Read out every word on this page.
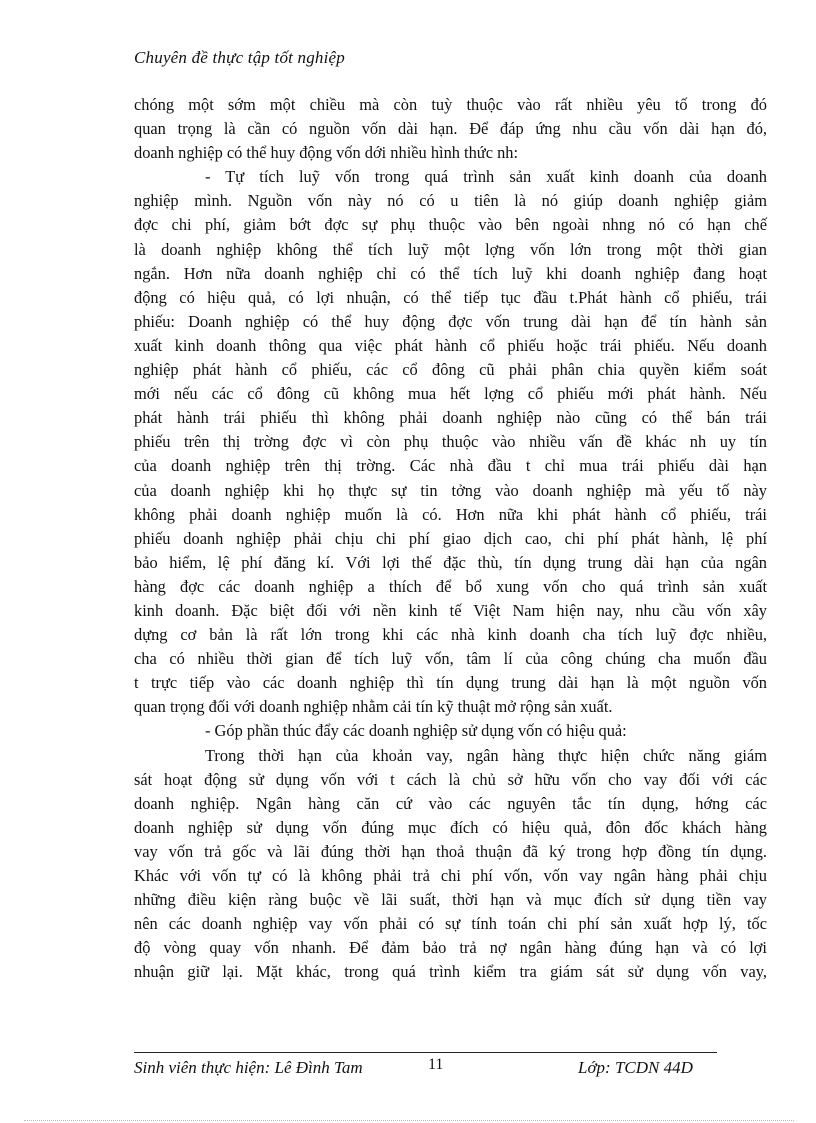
Chuyên đề thực tập tốt nghiệp
chóng một sớm một chiều mà còn tuỳ thuộc vào rất nhiều yêu tố trong đó
quan trọng là cần có nguồn vốn dài hạn. Để đáp ứng nhu cầu vốn dài hạn đó,
doanh nghiệp có thể huy động vốn dới nhiều hình thức nh:
- Tự tích luỹ vốn trong quá trình sản xuất kinh doanh của doanh
nghiệp mình. Nguồn vốn này nó có u tiên là nó giúp doanh nghiệp giảm
đợc chi phí, giảm bớt đợc sự phụ thuộc vào bên ngoài nhng nó có hạn chế
là doanh nghiệp không thể tích luỹ một lợng vốn lớn trong một thời gian
ngắn. Hơn nữa doanh nghiệp chỉ có thể tích luỹ khi doanh nghiệp đang hoạt
động có hiệu quả, có lợi nhuận, có thể tiếp tục đầu t.Phát hành cổ phiếu, trái
phiếu: Doanh nghiệp có thể huy động đợc vốn trung dài hạn để tín hành sản
xuất kinh doanh thông qua việc phát hành cổ phiếu hoặc trái phiếu. Nếu doanh
nghiệp phát hành cổ phiếu, các cổ đông cũ phải phân chia quyền kiểm soát
mới nếu các cổ đông cũ không mua hết lợng cổ phiếu mới phát hành. Nếu
phát hành trái phiếu thì không phải doanh nghiệp nào cũng có thể bán trái
phiếu trên thị trờng đợc vì còn phụ thuộc vào nhiều vấn đề khác nh uy tín
của doanh nghiệp trên thị trờng. Các nhà đầu t chỉ mua trái phiếu dài hạn
của doanh nghiệp khi họ thực sự tin tởng vào doanh nghiệp mà yếu tố này
không phải doanh nghiệp muốn là có. Hơn nữa khi phát hành cổ phiếu, trái
phiếu doanh nghiệp phải chịu chi phí giao dịch cao, chi phí phát hành, lệ phí
bảo hiểm, lệ phí đăng kí. Với lợi thế đặc thù, tín dụng trung dài hạn của ngân
hàng đợc các doanh nghiệp a thích để bổ xung vốn cho quá trình sản xuất
kinh doanh. Đặc biệt đối với nền kinh tế Việt Nam hiện nay, nhu cầu vốn xây
dựng cơ bản là rất lớn trong khi các nhà kinh doanh cha tích luỹ đợc nhiều,
cha có nhiều thời gian để tích luỹ vốn, tâm lí của công chúng cha muốn đầu
t trực tiếp vào các doanh nghiệp thì tín dụng trung dài hạn là một nguồn vốn
quan trọng đối với doanh nghiệp nhằm cải tín kỹ thuật mở rộng sản xuất.
- Góp phần thúc đẩy các doanh nghiệp sử dụng vốn có hiệu quả:
Trong thời hạn của khoản vay, ngân hàng thực hiện chức năng giám
sát hoạt động sử dụng vốn với t cách là chủ sở hữu vốn cho vay đối với các
doanh nghiệp. Ngân hàng căn cứ vào các nguyên tắc tín dụng, hớng các
doanh nghiệp sử dụng vốn đúng mục đích có hiệu quả, đôn đốc khách hàng
vay vốn trả gốc và lãi đúng thời hạn thoả thuận đã ký trong hợp đồng tín dụng.
Khác với vốn tự có là không phải trả chi phí vốn, vốn vay ngân hàng phải chịu
những điều kiện ràng buộc về lãi suất, thời hạn và mục đích sử dụng tiền vay
nên các doanh nghiệp vay vốn phải có sự tính toán chi phí sản xuất hợp lý, tốc
độ vòng quay vốn nhanh. Để đảm bảo trả nợ ngân hàng đúng hạn và có lợi
nhuận giữ lại. Mặt khác, trong quá trình kiểm tra giám sát sử dụng vốn vay,
Sinh viên thực hiện: Lê Đình Tam	11	Lớp: TCDN 44D
